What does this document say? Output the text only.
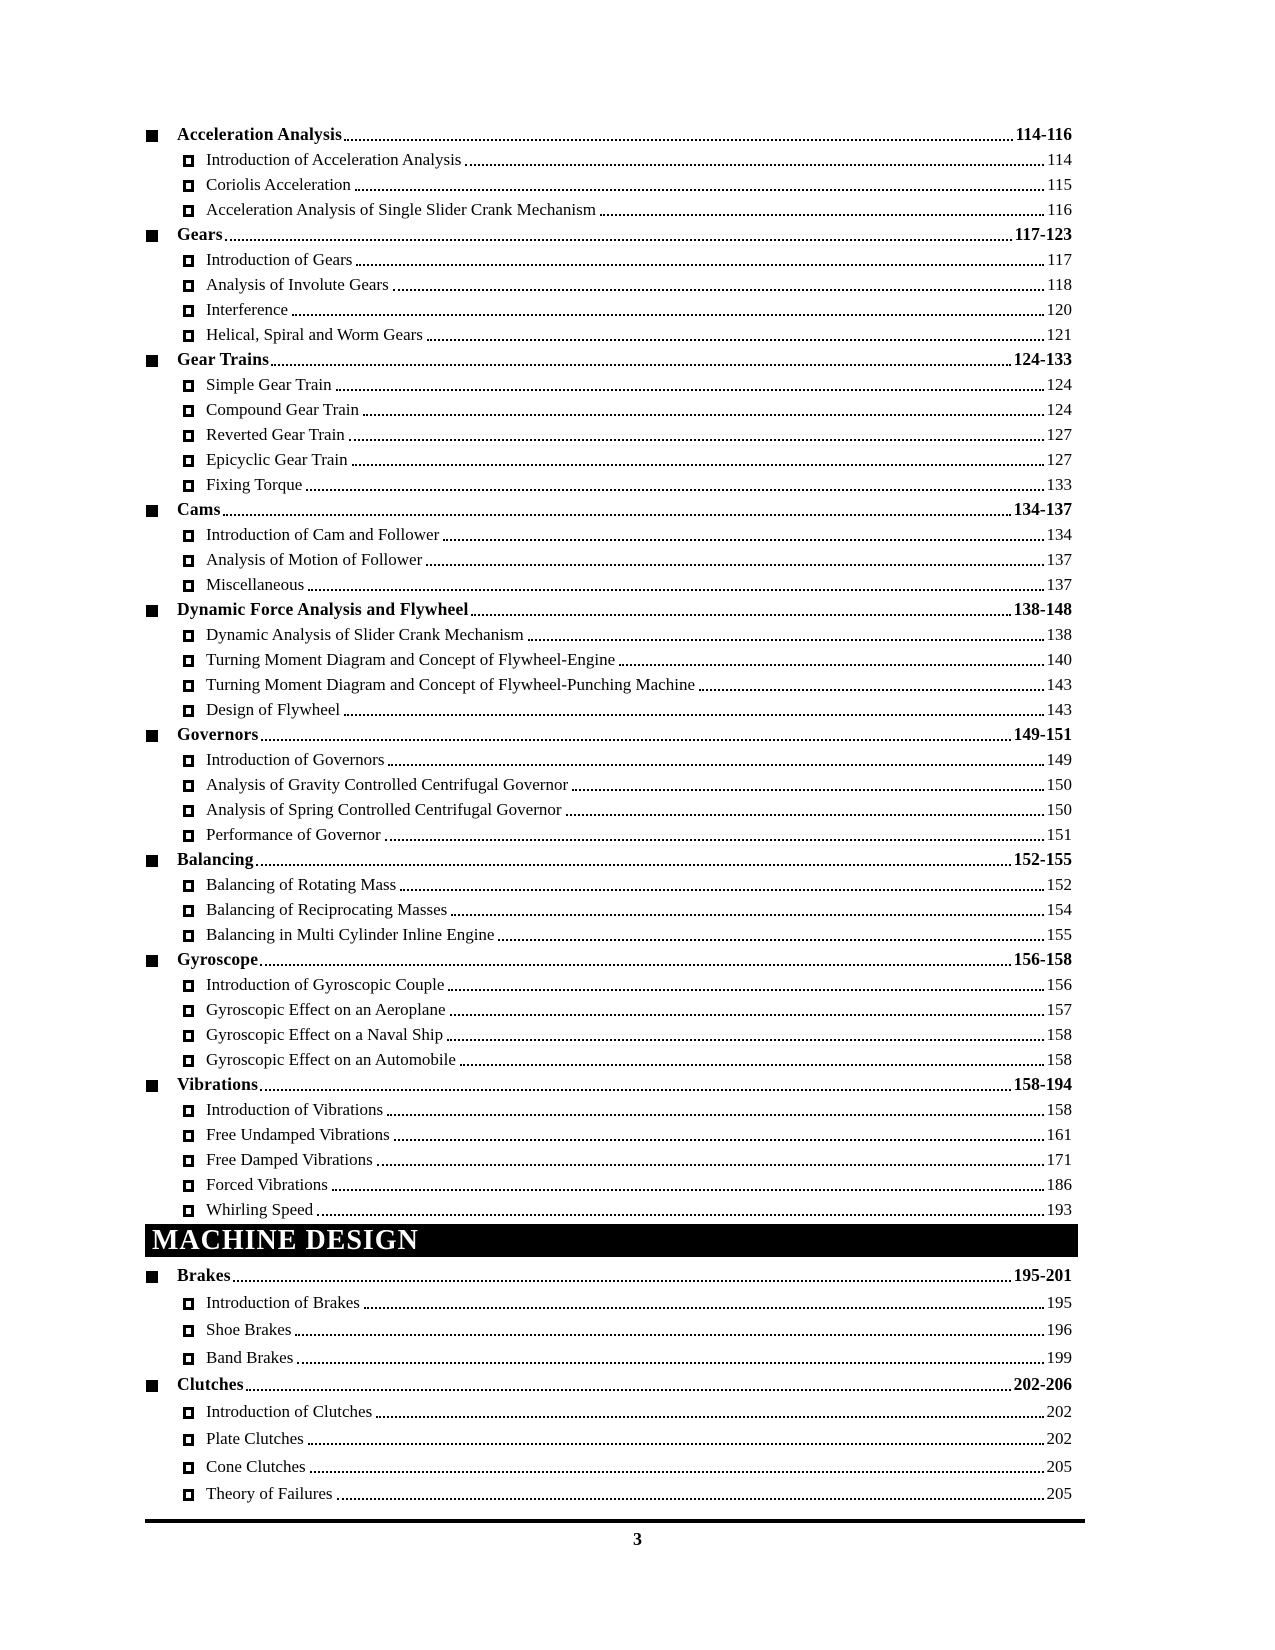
Acceleration Analysis	114-116
Introduction of Acceleration Analysis	114
Coriolis Acceleration	115
Acceleration Analysis of Single Slider Crank Mechanism	116
Gears	117-123
Introduction of Gears	117
Analysis of Involute Gears	118
Interference	120
Helical, Spiral and Worm Gears	121
Gear Trains	124-133
Simple Gear Train	124
Compound Gear Train	124
Reverted Gear Train	127
Epicyclic Gear Train	127
Fixing Torque	133
Cams	134-137
Introduction of Cam and Follower	134
Analysis of Motion of Follower	137
Miscellaneous	137
Dynamic Force Analysis and Flywheel	138-148
Dynamic Analysis of Slider Crank Mechanism	138
Turning Moment Diagram and Concept of Flywheel-Engine	140
Turning Moment Diagram and Concept of Flywheel-Punching Machine	143
Design of Flywheel	143
Governors	149-151
Introduction of Governors	149
Analysis of Gravity Controlled Centrifugal Governor	150
Analysis of Spring Controlled Centrifugal Governor	150
Performance of Governor	151
Balancing	152-155
Balancing of Rotating Mass	152
Balancing of Reciprocating Masses	154
Balancing in Multi Cylinder Inline Engine	155
Gyroscope	156-158
Introduction of Gyroscopic Couple	156
Gyroscopic Effect on an Aeroplane	157
Gyroscopic Effect on a Naval Ship	158
Gyroscopic Effect on an Automobile	158
Vibrations	158-194
Introduction of Vibrations	158
Free Undamped Vibrations	161
Free Damped Vibrations	171
Forced Vibrations	186
Whirling Speed	193
MACHINE DESIGN
Brakes	195-201
Introduction of Brakes	195
Shoe Brakes	196
Band Brakes	199
Clutches	202-206
Introduction of Clutches	202
Plate Clutches	202
Cone Clutches	205
Theory of Failures	205
3
